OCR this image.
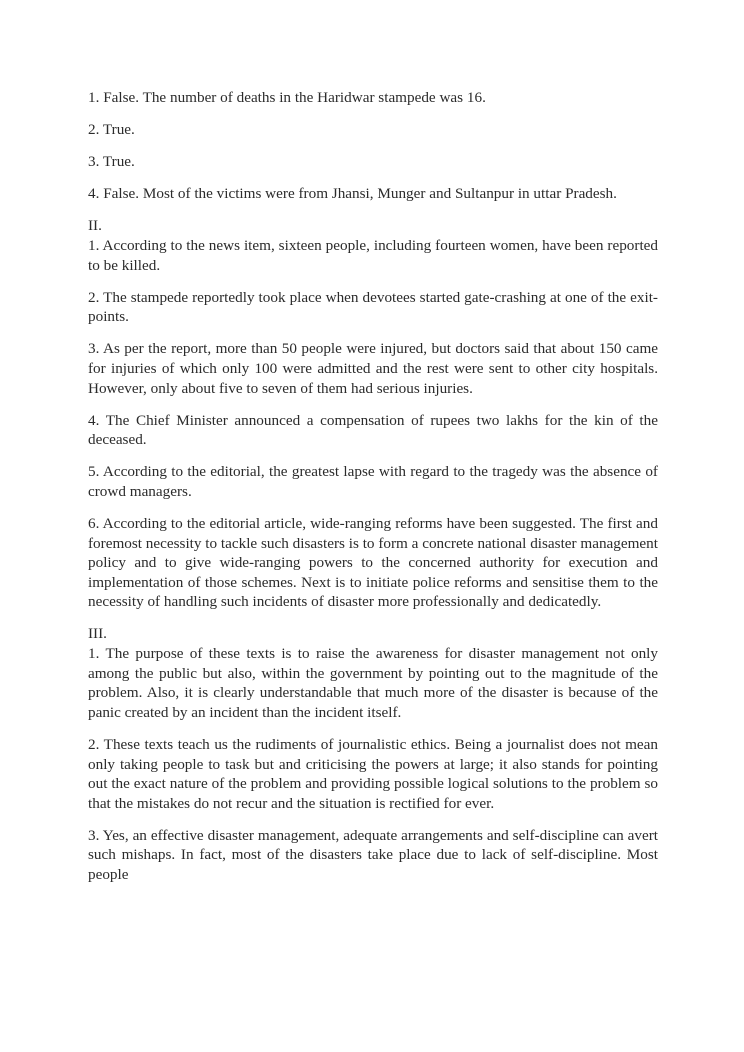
1. False. The number of deaths in the Haridwar stampede was 16.

2. True.

3. True.

4. False. Most of the victims were from Jhansi, Munger and Sultanpur in uttar Pradesh.

II.

1. According to the news item, sixteen people, including fourteen women, have been reported to be killed.

2. The stampede reportedly took place when devotees started gate-crashing at one of the exit-points.

3. As per the report, more than 50 people were injured, but doctors said that about 150 came for injuries of which only 100 were admitted and the rest were sent to other city hospitals. However, only about five to seven of them had serious injuries.

4. The Chief Minister announced a compensation of rupees two lakhs for the kin of the deceased.

5. According to the editorial, the greatest lapse with regard to the tragedy was the absence of crowd managers.

6. According to the editorial article, wide-ranging reforms have been suggested. The first and foremost necessity to tackle such disasters is to form a concrete national disaster management policy and to give wide-ranging powers to the concerned authority for execution and implementation of those schemes. Next is to initiate police reforms and sensitise them to the necessity of handling such incidents of disaster more professionally and dedicatedly.

III.

1. The purpose of these texts is to raise the awareness for disaster management not only among the public but also, within the government by pointing out to the magnitude of the problem. Also, it is clearly understandable that much more of the disaster is because of the panic created by an incident than the incident itself.

2. These texts teach us the rudiments of journalistic ethics. Being a journalist does not mean only taking people to task but and criticising the powers at large; it also stands for pointing out the exact nature of the problem and providing possible logical solutions to the problem so that the mistakes do not recur and the situation is rectified for ever.

3. Yes, an effective disaster management, adequate arrangements and self-discipline can avert such mishaps. In fact, most of the disasters take place due to lack of self-discipline. Most people
